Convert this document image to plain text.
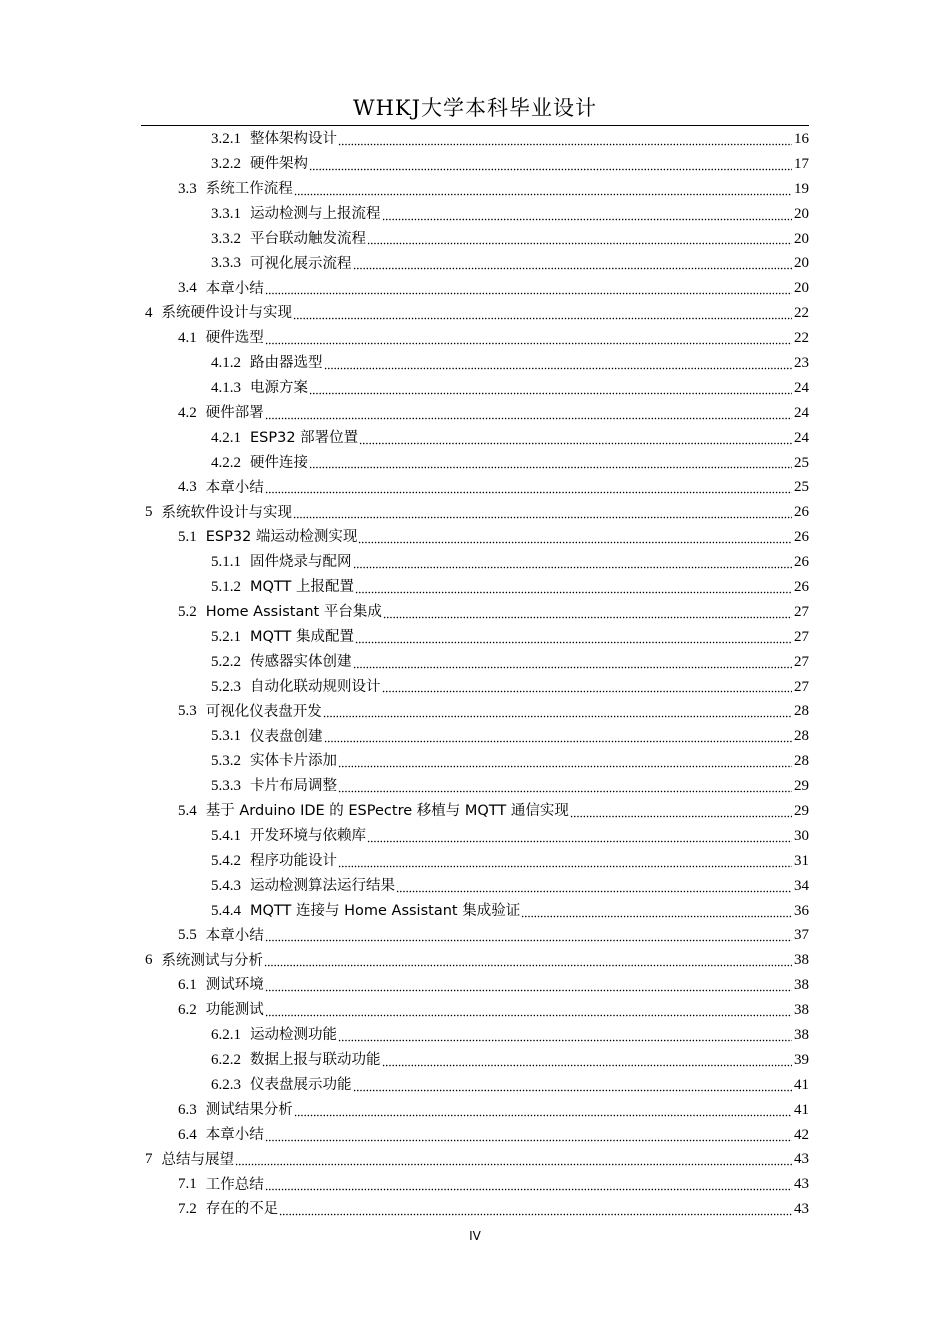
WHKJ大学本科毕业设计
3.2.1 整体架构设计	16
3.2.2 硬件架构	17
3.3 系统工作流程	19
3.3.1 运动检测与上报流程	20
3.3.2 平台联动触发流程	20
3.3.3 可视化展示流程	20
3.4 本章小结	20
4 系统硬件设计与实现	22
4.1 硬件选型	22
4.1.2 路由器选型	23
4.1.3 电源方案	24
4.2 硬件部署	24
4.2.1 ESP32 部署位置	24
4.2.2 硬件连接	25
4.3 本章小结	25
5 系统软件设计与实现	26
5.1 ESP32 端运动检测实现	26
5.1.1 固件烧录与配网	26
5.1.2 MQTT 上报配置	26
5.2 Home Assistant 平台集成	27
5.2.1 MQTT 集成配置	27
5.2.2 传感器实体创建	27
5.2.3 自动化联动规则设计	27
5.3 可视化仪表盘开发	28
5.3.1 仪表盘创建	28
5.3.2 实体卡片添加	28
5.3.3 卡片布局调整	29
5.4 基于 Arduino IDE 的 ESPectre 移植与 MQTT 通信实现	29
5.4.1 开发环境与依赖库	30
5.4.2 程序功能设计	31
5.4.3 运动检测算法运行结果	34
5.4.4 MQTT 连接与 Home Assistant 集成验证	36
5.5 本章小结	37
6 系统测试与分析	38
6.1 测试环境	38
6.2 功能测试	38
6.2.1 运动检测功能	38
6.2.2 数据上报与联动功能	39
6.2.3 仪表盘展示功能	41
6.3 测试结果分析	41
6.4 本章小结	42
7 总结与展望	43
7.1 工作总结	43
7.2 存在的不足	43
IV
